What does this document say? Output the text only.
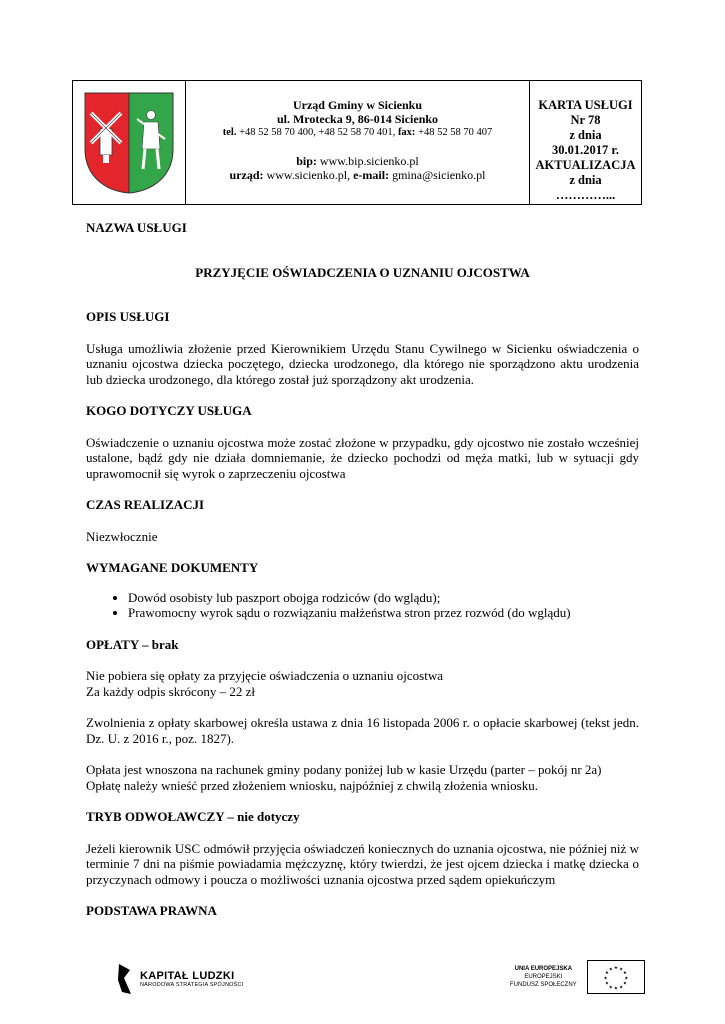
Urząd Gminy w Sicienku
ul. Mrotecka 9, 86-014 Sicienko
tel. +48 52 58 70 400, +48 52 58 70 401, fax: +48 52 58 70 407
bip: www.bip.sicienko.pl
urząd: www.sicienko.pl, e-mail: gmina@sicienko.pl
KARTA USŁUGI
Nr 78
z dnia
30.01.2017 r.
AKTUALIZACJA
z dnia
…………...

NAZWA USŁUGI

PRZYJĘCIE OŚWIADCZENIA O UZNANIU OJCOSTWA

OPIS USŁUGI

Usługa umożliwia złożenie przed Kierownikiem Urzędu Stanu Cywilnego w Sicienku oświadczenia o uznaniu ojcostwa dziecka poczętego, dziecka urodzonego, dla którego nie sporządzono aktu urodzenia lub dziecka urodzonego, dla którego został już sporządzony akt urodzenia.

KOGO DOTYCZY USŁUGA

Oświadczenie o uznaniu ojcostwa może zostać złożone w przypadku, gdy ojcostwo nie zostało wcześniej ustalone, bądź gdy nie działa domniemanie, że dziecko pochodzi od męża matki, lub w sytuacji gdy uprawomocnił się wyrok o zaprzeczeniu ojcostwa

CZAS REALIZACJI

Niezwłocznie

WYMAGANE DOKUMENTY

• Dowód osobisty lub paszport obojga rodziców (do wglądu);
• Prawomocny wyrok sądu o rozwiązaniu małżeństwa stron przez rozwód (do wglądu)

OPŁATY – brak

Nie pobiera się opłaty za przyjęcie oświadczenia o uznaniu ojcostwa

Za każdy odpis skrócony – 22 zł

Zwolnienia z opłaty skarbowej określa ustawa z dnia 16 listopada 2006 r. o opłacie skarbowej (tekst jedn. Dz. U. z 2016 r., poz. 1827).

Opłata jest wnoszona na rachunek gminy podany poniżej lub w kasie Urzędu (parter – pokój nr 2a)

Opłatę należy wnieść przed złożeniem wniosku, najpóźniej z chwilą złożenia wniosku.

TRYB ODWOŁAWCZY – nie dotyczy

Jeżeli kierownik USC odmówił przyjęcia oświadczeń koniecznych do uznania ojcostwa, nie później niż w terminie 7 dni na piśmie powiadamia mężczyznę, który twierdzi, że jest ojcem dziecka i matkę dziecka o przyczynach odmowy i poucza o możliwości uznania ojcostwa przed sądem opiekuńczym

PODSTAWA PRAWNA

KAPITAŁ LUDZKI
NARODOWA STRATEGIA SPÓJNOŚCI
UNIA EUROPEJSKA
EUROPEJSKI
FUNDUSZ SPOŁECZNY
★
★
★
★
★
★
★
★
★ ★ ★
★
